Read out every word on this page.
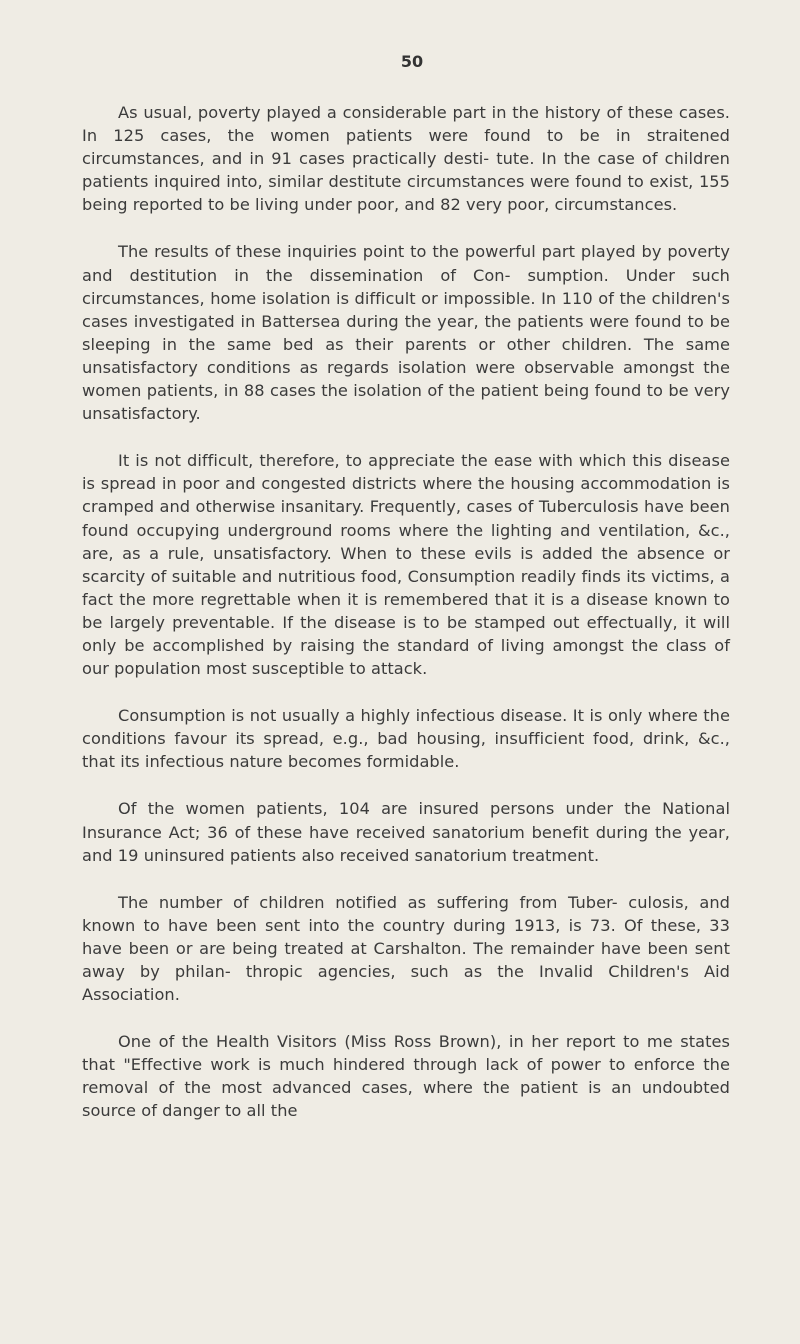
50

As usual, poverty played a considerable part in the history of these cases. In 125 cases, the women patients were found to be in straitened circumstances, and in 91 cases practically desti- tute. In the case of children patients inquired into, similar destitute circumstances were found to exist, 155 being reported to be living under poor, and 82 very poor, circumstances.

The results of these inquiries point to the powerful part played by poverty and destitution in the dissemination of Con- sumption. Under such circumstances, home isolation is difficult or impossible. In 110 of the children's cases investigated in Battersea during the year, the patients were found to be sleeping in the same bed as their parents or other children. The same unsatisfactory conditions as regards isolation were observable amongst the women patients, in 88 cases the isolation of the patient being found to be very unsatisfactory.

It is not difficult, therefore, to appreciate the ease with which this disease is spread in poor and congested districts where the housing accommodation is cramped and otherwise insanitary. Frequently, cases of Tuberculosis have been found occupying underground rooms where the lighting and ventilation, &c., are, as a rule, unsatisfactory. When to these evils is added the absence or scarcity of suitable and nutritious food, Consumption readily finds its victims, a fact the more regrettable when it is remembered that it is a disease known to be largely preventable. If the disease is to be stamped out effectually, it will only be accomplished by raising the standard of living amongst the class of our population most susceptible to attack.

Consumption is not usually a highly infectious disease. It is only where the conditions favour its spread, e.g., bad housing, insufficient food, drink, &c., that its infectious nature becomes formidable.

Of the women patients, 104 are insured persons under the National Insurance Act; 36 of these have received sanatorium benefit during the year, and 19 uninsured patients also received sanatorium treatment.

The number of children notified as suffering from Tuber- culosis, and known to have been sent into the country during 1913, is 73. Of these, 33 have been or are being treated at Carshalton. The remainder have been sent away by philan- thropic agencies, such as the Invalid Children's Aid Association.

One of the Health Visitors (Miss Ross Brown), in her report to me states that "Effective work is much hindered through lack of power to enforce the removal of the most advanced cases, where the patient is an undoubted source of danger to all the
